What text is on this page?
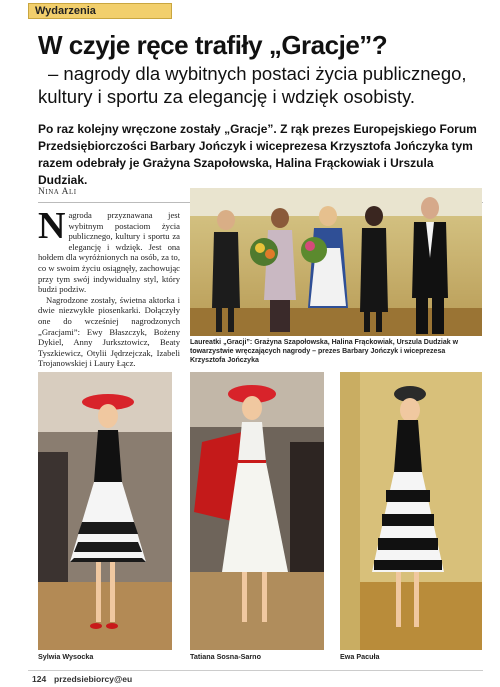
Wydarzenia
W czyje ręce trafiły „Gracje”?
– nagrody dla wybitnych postaci życia publicznego,
kultury i sportu za elegancję i wdzięk osobisty.
Po raz kolejny wręczone zostały „Gracje”. Z rąk prezes Europejskiego Forum Przedsiębiorczości Barbary Jończyk i wiceprezesa Krzysztofa Jończyka tym razem odebrały je Grażyna Szapołowska, Halina Frąckowiak i Urszula Dudziak.
Nina Ali

Nagroda przyznawana jest wybitnym postaciom życia publicznego, kultury i sportu za elegancję i wdzięk. Jest ona hołdem dla wyróżnionych na osób, za to, co w swoim życiu osiągnęły, zachowując przy tym swój indywidualny styl, który budzi podziw.

Nagrodzone zostały, świetna aktorka i dwie niezwykłe piosenkarki. Dołączyły one do wcześniej nagrodzonych „Gracjami”: Ewy Błaszczyk, Bożeny Dykiel, Anny Jurksztowicz, Beaty Tyszkiewicz, Otylii Jędrzejczak, Izabeli Trojanowskiej i Laury Łącz.

Laureatki „Gracji”: Grażyna Szapołowska, Halina Frąckowiak, Urszula Dudziak w towarzystwie wręczających nagrody – prezes Barbary Jończyk i wiceprezesa Krzysztofa Jończyka
Sylwia Wysocka	Tatiana Sosna-Sarno	Ewa Pacuła
124 przedsiebiorcy@eu
